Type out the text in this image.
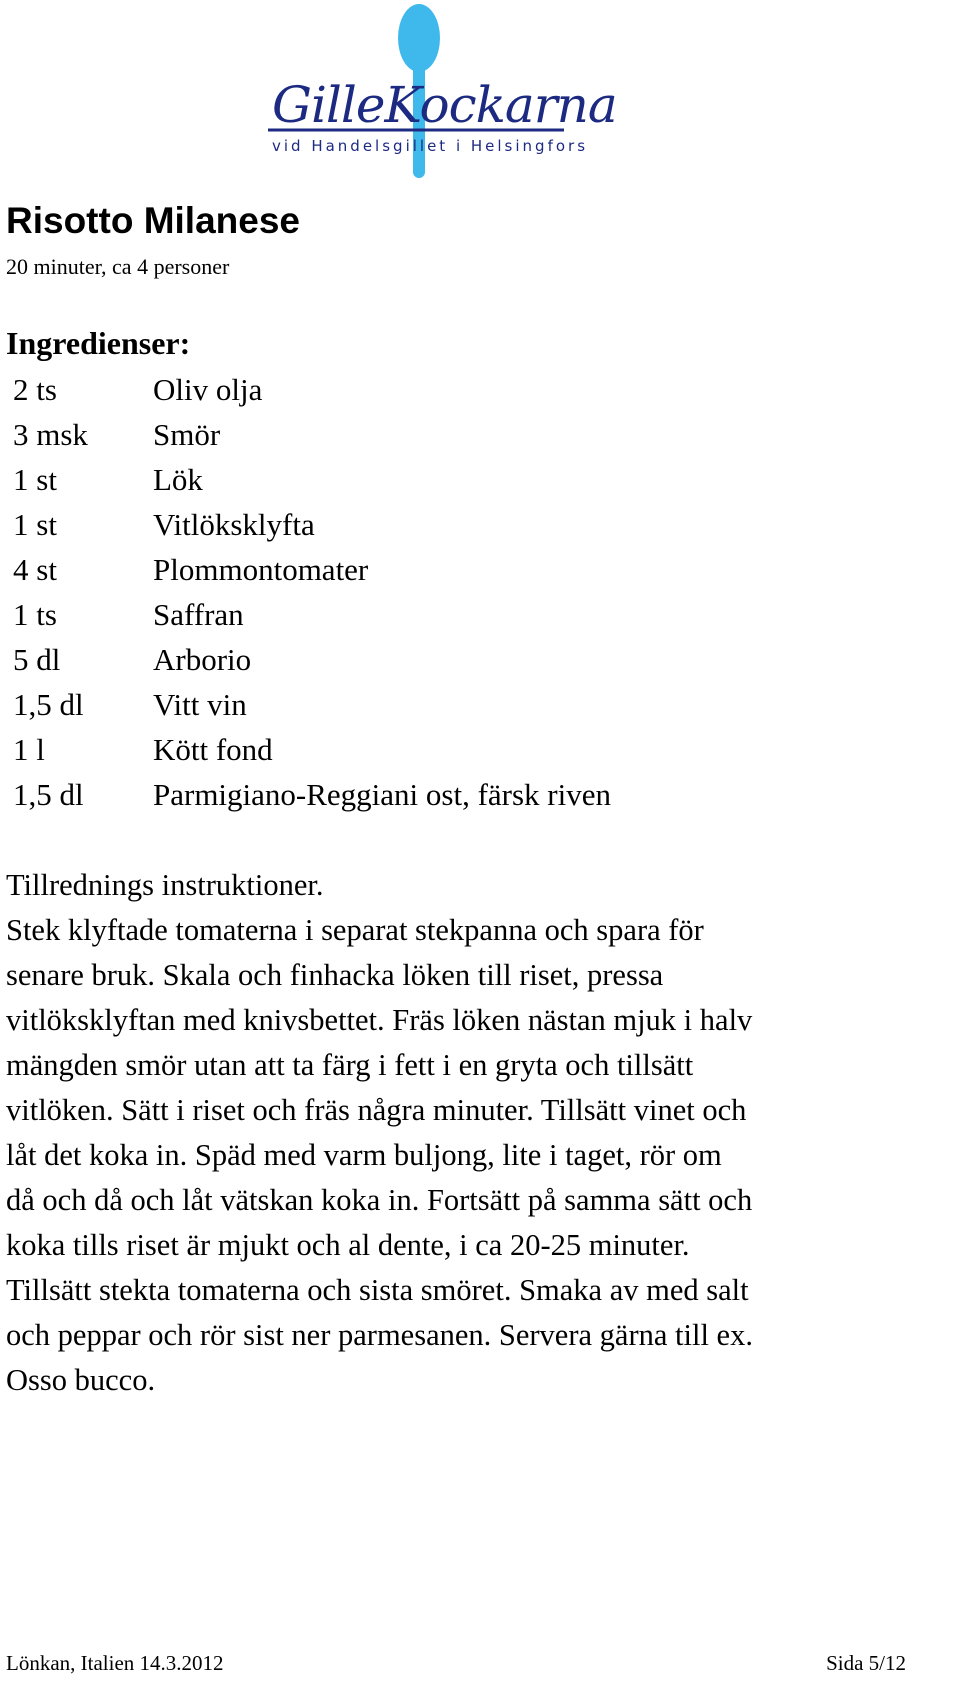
GilleKockarna
vid Handelsgillet i Helsingfors
Risotto Milanese
20 minuter, ca 4 personer
Ingredienser:
2 ts	Oliv olja
3 msk	Smör
1 st	Lök
1 st	Vitlöksklyfta
4 st	Plommontomater
1 ts	Saffran
5 dl	Arborio
1,5 dl	Vitt vin
1 l	Kött fond
1,5 dl	Parmigiano-Reggiani ost, färsk riven
Tillrednings instruktioner.
Stek klyftade tomaterna i separat stekpanna och spara för
senare bruk. Skala och finhacka löken till riset, pressa
vitlöksklyftan med knivsbettet. Fräs löken nästan mjuk i halv
mängden smör utan att ta färg i fett i en gryta och tillsätt
vitlöken. Sätt i riset och fräs några minuter. Tillsätt vinet och
låt det koka in. Späd med varm buljong, lite i taget, rör om
då och då och låt vätskan koka in. Fortsätt på samma sätt och
koka tills riset är mjukt och al dente, i ca 20-25 minuter.
Tillsätt stekta tomaterna och sista smöret. Smaka av med salt
och peppar och rör sist ner parmesanen. Servera gärna till ex.
Osso bucco.
Lönkan, Italien 14.3.2012	Sida 5/12
